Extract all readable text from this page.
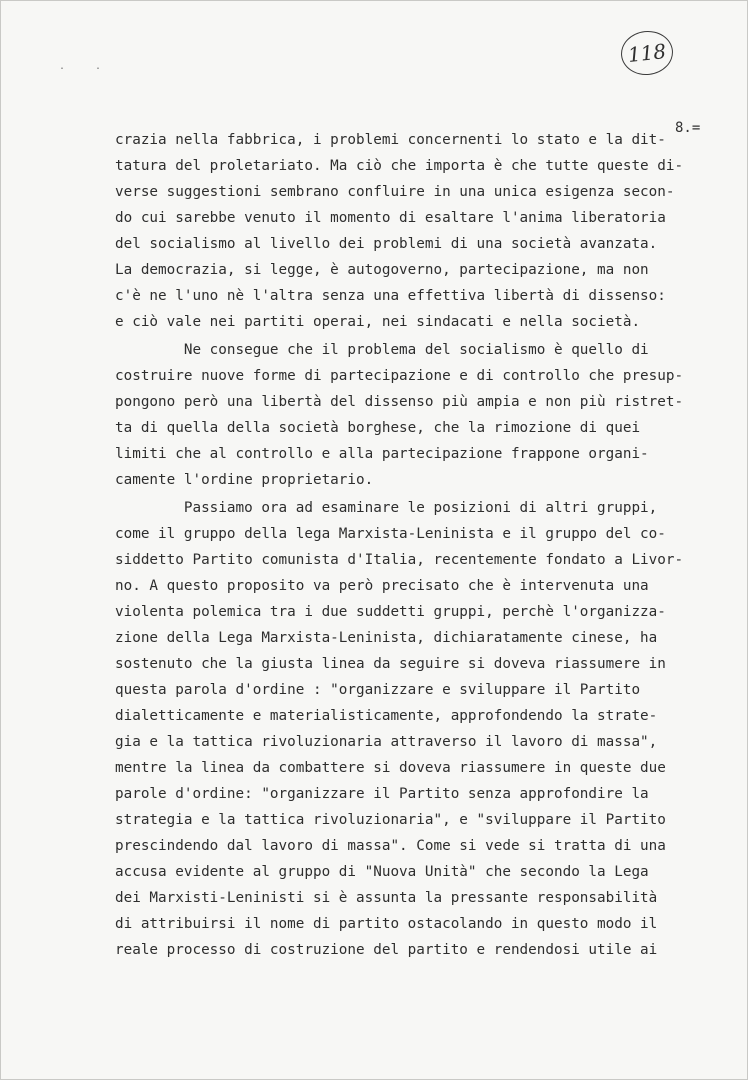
. .	118
8.=
crazia nella fabbrica, i problemi concernenti lo stato e la dit-
tatura del proletariato. Ma ciò che importa è che tutte queste di-
verse suggestioni sembrano confluire in una unica esigenza secon-
do cui sarebbe venuto il momento di esaltare l'anima liberatoria
del socialismo al livello dei problemi di una società avanzata.
La democrazia, si legge, è autogoverno, partecipazione, ma non
c'è ne l'uno nè l'altra senza una effettiva libertà di dissenso:
e ciò vale nei partiti operai, nei sindacati e nella società.
Ne consegue che il problema del socialismo è quello di
costruire nuove forme di partecipazione e di controllo che presup-
pongono però una libertà del dissenso più ampia e non più ristret-
ta di quella della società borghese, che la rimozione di quei
limiti che al controllo e alla partecipazione frappone organi-
camente l'ordine proprietario.
Passiamo ora ad esaminare le posizioni di altri gruppi,
come il gruppo della lega Marxista-Leninista e il gruppo del co-
siddetto Partito comunista d'Italia, recentemente fondato a Livor-
no. A questo proposito va però precisato che è intervenuta una
violenta polemica tra i due suddetti gruppi, perchè l'organizza-
zione della Lega Marxista-Leninista, dichiaratamente cinese, ha
sostenuto che la giusta linea da seguire si doveva riassumere in
questa parola d'ordine : "organizzare e sviluppare il Partito
dialetticamente e materialisticamente, approfondendo la strate-
gia e la tattica rivoluzionaria attraverso il lavoro di massa",
mentre la linea da combattere si doveva riassumere in queste due
parole d'ordine: "organizzare il Partito senza approfondire la
strategia e la tattica rivoluzionaria", e "sviluppare il Partito
prescindendo dal lavoro di massa". Come si vede si tratta di una
accusa evidente al gruppo di "Nuova Unità" che secondo la Lega
dei Marxisti-Leninisti si è assunta la pressante responsabilità
di attribuirsi il nome di partito ostacolando in questo modo il
reale processo di costruzione del partito e rendendosi utile ai
